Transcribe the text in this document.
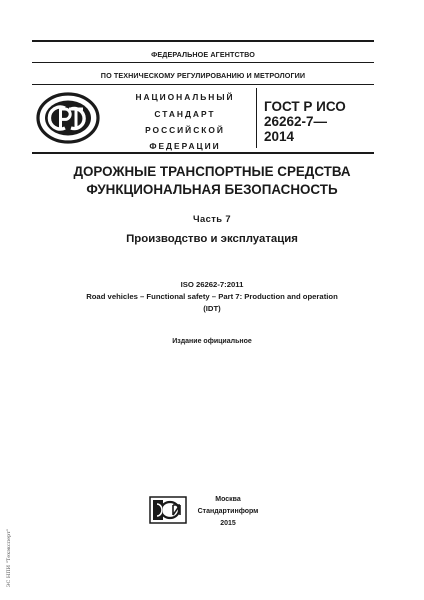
ФЕДЕРАЛЬНОЕ АГЕНТСТВО
ПО ТЕХНИЧЕСКОМУ РЕГУЛИРОВАНИЮ И МЕТРОЛОГИИ
НАЦИОНАЛЬНЫЙ
СТАНДАРТ
РОССИЙСКОЙ
ФЕДЕРАЦИИ
ГОСТ Р ИСО
26262-7—
2014
ДОРОЖНЫЕ ТРАНСПОРТНЫЕ СРЕДСТВА
ФУНКЦИОНАЛЬНАЯ БЕЗОПАСНОСТЬ
Часть 7
Производство и эксплуатация
ISO 26262-7:2011
Road vehicles – Functional safety – Part 7: Production and operation
(IDT)
Издание официальное
Москва
Стандартинформ
2015
ЭС НПИ "Техэксперт"
